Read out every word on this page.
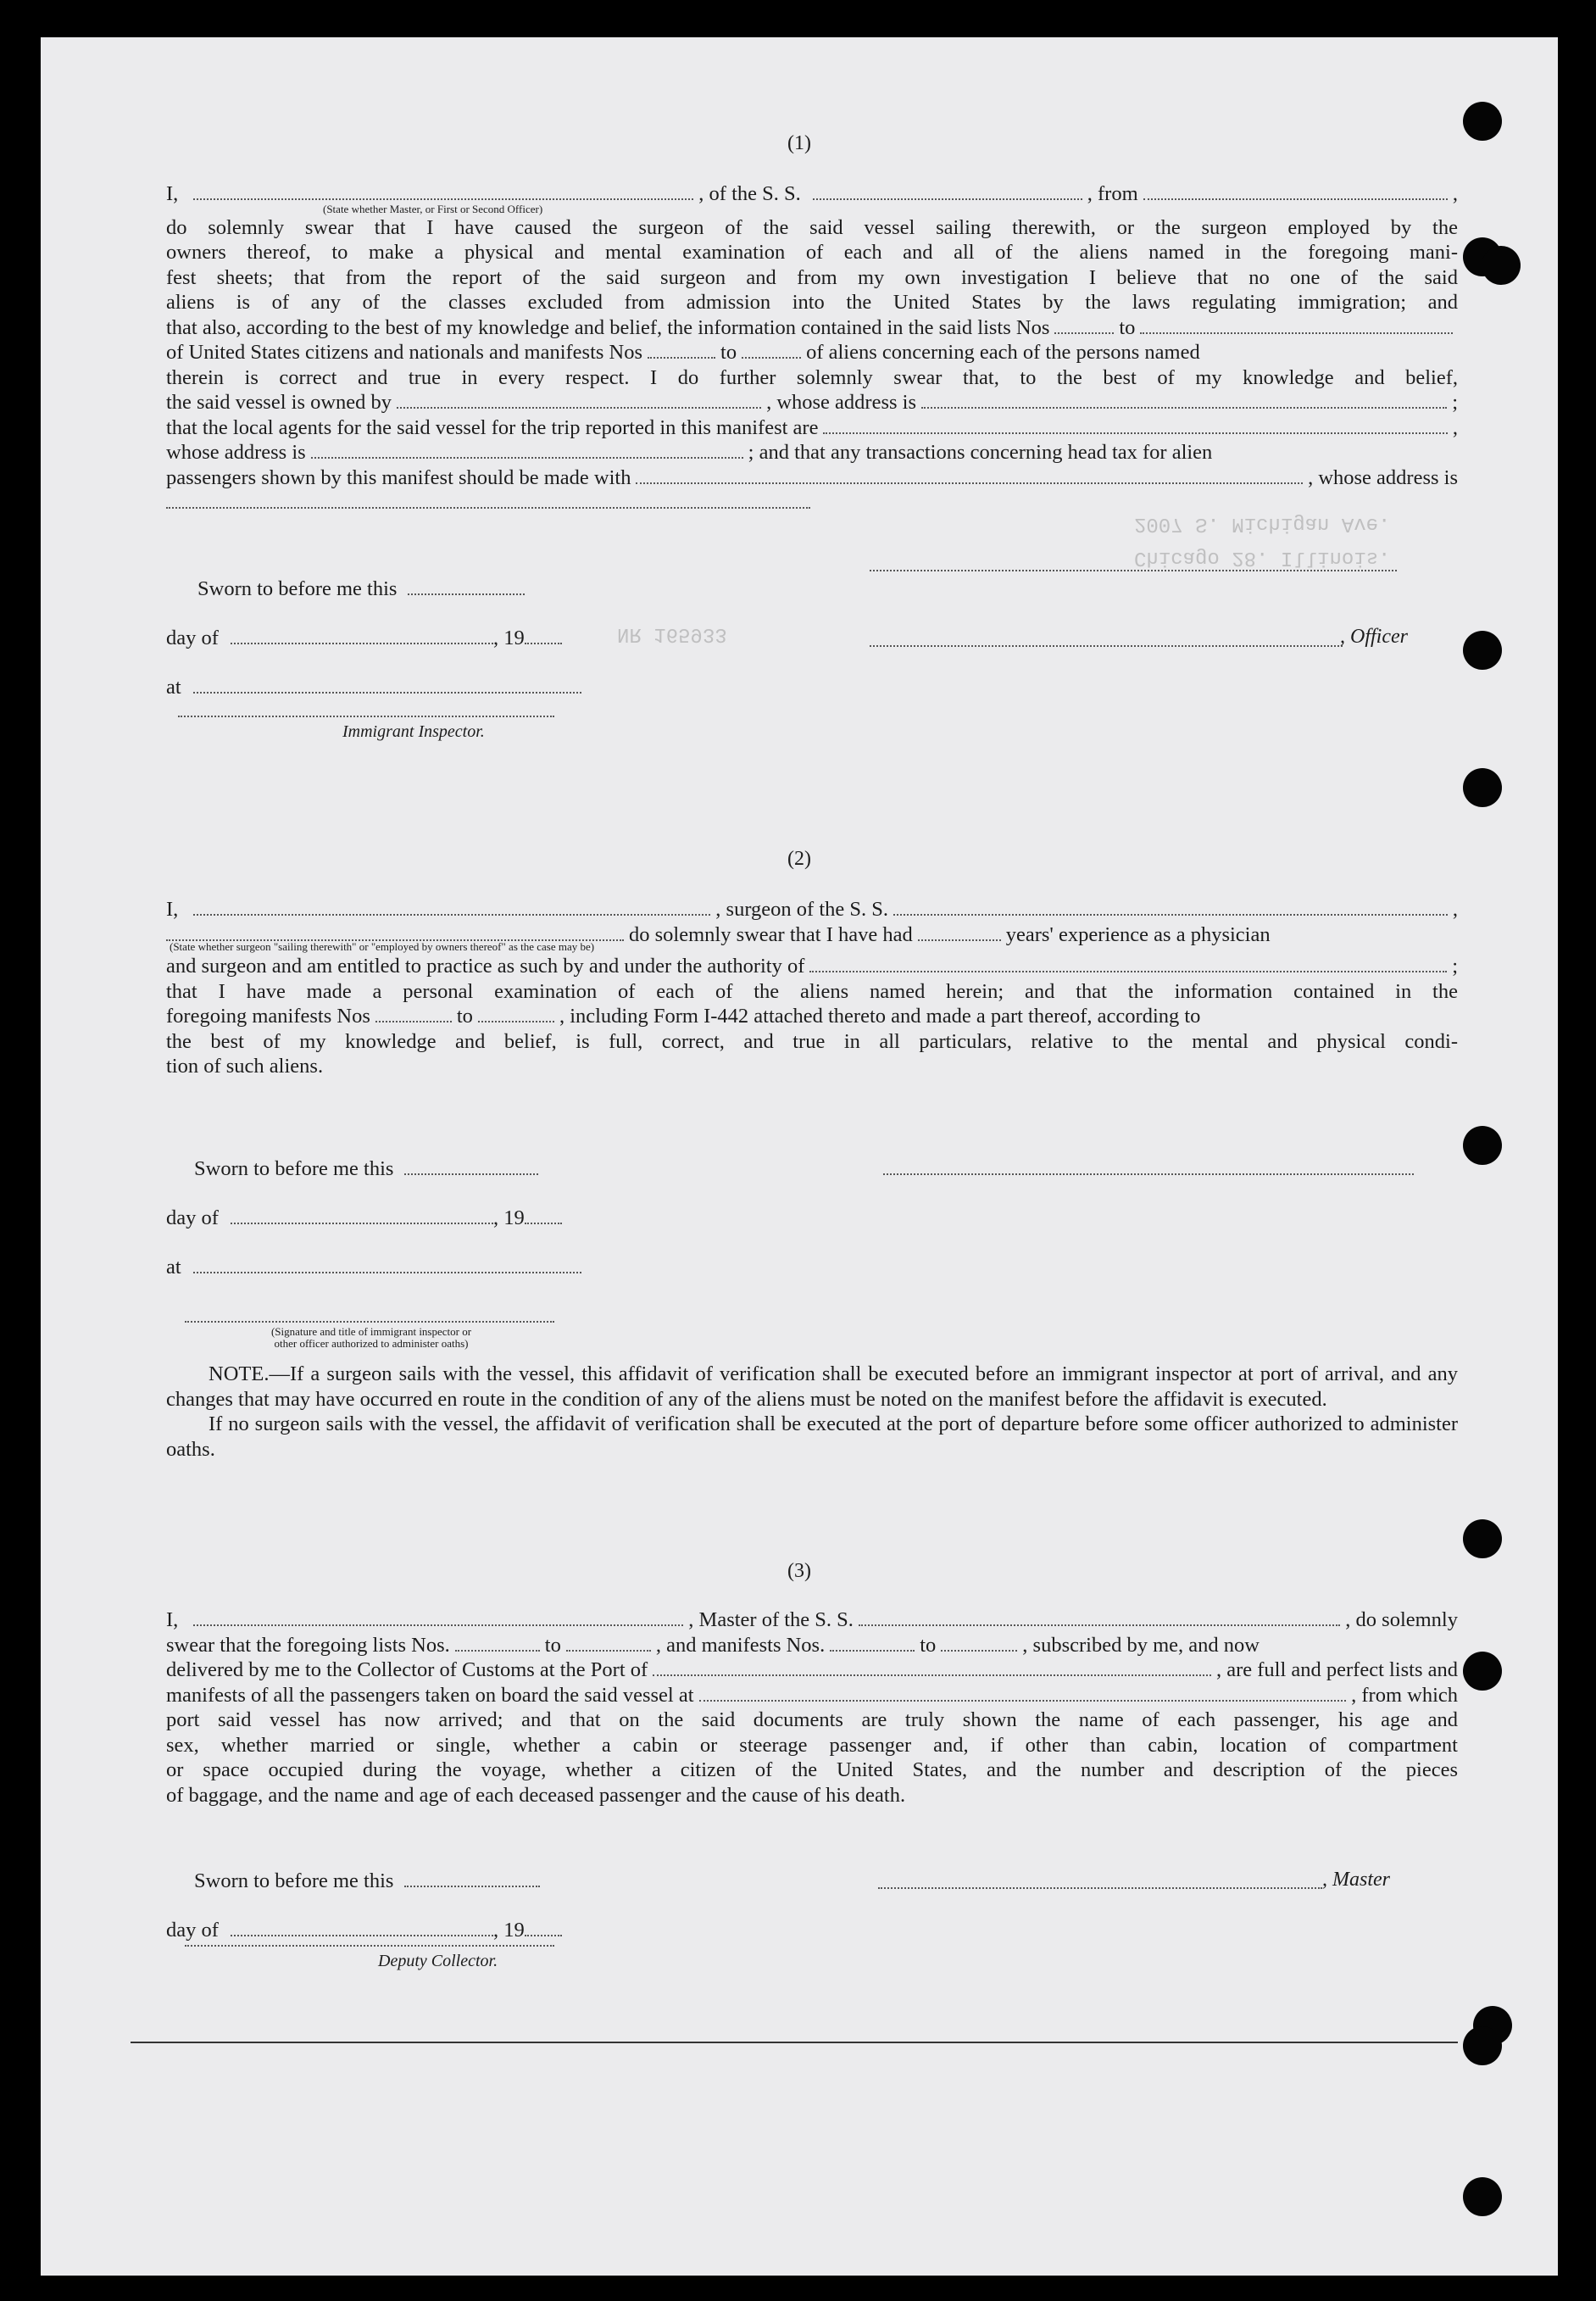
2007 S. Michigan Ave.
Chicago 28. Illinois.
NR 165933
(1)
I,	, of the S. S.	, from	,
(State whether Master, or First or Second Officer)
do solemnly swear that I have caused the surgeon of the said vessel sailing therewith, or the surgeon employed by the
owners thereof, to make a physical and mental examination of each and all of the aliens named in the foregoing mani-
fest sheets; that from the report of the said surgeon and from my own investigation I believe that no one of the said
aliens is of any of the classes excluded from admission into the United States by the laws regulating immigration; and
that also, according to the best of my knowledge and belief, the information contained in the said lists Nos	to
of United States citizens and nationals and manifests Nos	to	of aliens concerning each of the persons named
therein is correct and true in every respect. I do further solemnly swear that, to the best of my knowledge and belief,
the said vessel is owned by	, whose address is	;
that the local agents for the said vessel for the trip reported in this manifest are	,
whose address is	; and that any transactions concerning head tax for alien
passengers shown by this manifest should be made with	, whose address is
Sworn to before me this
day of	, 19
at
, Officer
Immigrant Inspector.
(2)
I,	, surgeon of the S. S.	,
do solemnly swear that I have had	years' experience as a physician
(State whether surgeon "sailing therewith" or "employed by owners thereof" as the case may be)
and surgeon and am entitled to practice as such by and under the authority of	;
that I have made a personal examination of each of the aliens named herein; and that the information contained in the
foregoing manifests Nos	to	, including Form I-442 attached thereto and made a part thereof, according to
the best of my knowledge and belief, is full, correct, and true in all particulars, relative to the mental and physical condi-
tion of such aliens.
Sworn to before me this
day of	, 19
at
(Signature and title of immigrant inspector or
other officer authorized to administer oaths)

NOTE.—If a surgeon sails with the vessel, this affidavit of verification shall be executed before an immigrant inspector at port of arrival, and any changes that may have occurred en route in the condition of any of the aliens must be noted on the manifest before the affidavit is executed.

If no surgeon sails with the vessel, the affidavit of verification shall be executed at the port of departure before some officer authorized to administer oaths.

(3)
I,	, Master of the S. S.	, do solemnly
swear that the foregoing lists Nos.	to	, and manifests Nos.	to	, subscribed by me, and now
delivered by me to the Collector of Customs at the Port of	, are full and perfect lists and
manifests of all the passengers taken on board the said vessel at	, from which
port said vessel has now arrived; and that on the said documents are truly shown the name of each passenger, his age and
sex, whether married or single, whether a cabin or steerage passenger and, if other than cabin, location of compartment
or space occupied during the voyage, whether a citizen of the United States, and the number and description of the pieces
of baggage, and the name and age of each deceased passenger and the cause of his death.
Sworn to before me this
day of	, 19
, Master
Deputy Collector.
